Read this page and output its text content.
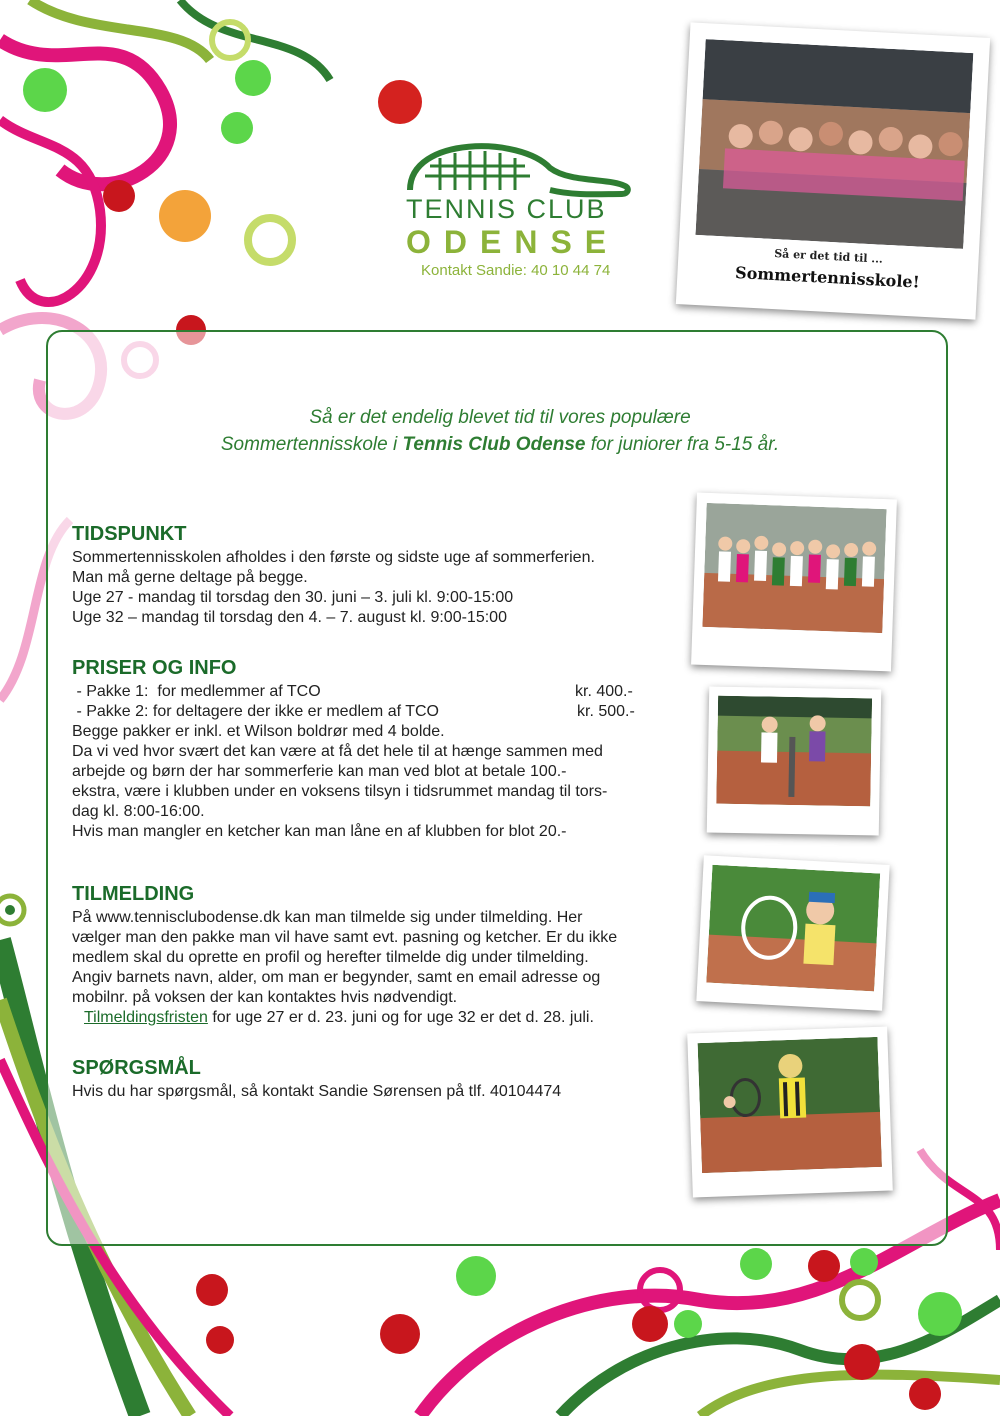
TENNIS CLUB
ODENSE
Kontakt Sandie: 40 10 44 74
Så er det tid til ...
Sommertennisskole!
Så er det endelig blevet tid til vores populære
Sommertennisskole i Tennis Club Odense for juniorer fra 5-15 år.
TIDSPUNKT

Sommertennisskolen afholdes i den første og sidste uge af sommerferien.

Man må gerne deltage på begge.

Uge 27 - mandag til torsdag den 30. juni – 3. juli kl. 9:00-15:00

Uge 32 – mandag til torsdag den 4. – 7. august kl. 9:00-15:00

PRISER OG INFO
- Pakke 1:  for medlemmer af TCO	kr. 400.-
- Pakke 2: for deltagere der ikke er medlem af TCO	kr. 500.-

Begge pakker er inkl. et Wilson boldrør med 4 bolde.

Da vi ved hvor svært det kan være at få det hele til at hænge sammen med

arbejde og børn der har sommerferie kan man ved blot at betale 100.-

ekstra, være i klubben under en voksens tilsyn i tidsrummet mandag til tors-

dag kl. 8:00-16:00.

Hvis man mangler en ketcher kan man låne en af klubben for blot 20.-

TILMELDING

På www.tennisclubodense.dk kan man tilmelde sig under tilmelding. Her

vælger man den pakke man vil have samt evt. pasning og ketcher. Er du ikke

medlem skal du oprette en profil og herefter tilmelde dig under tilmelding.

Angiv barnets navn, alder, om man er begynder, samt en email adresse og

mobilnr. på voksen der kan kontaktes hvis nødvendigt.

Tilmeldingsfristen for uge 27 er d. 23. juni og for uge 32 er det d. 28. juli.

SPØRGSMÅL

Hvis du har spørgsmål, så kontakt Sandie Sørensen på tlf. 40104474
